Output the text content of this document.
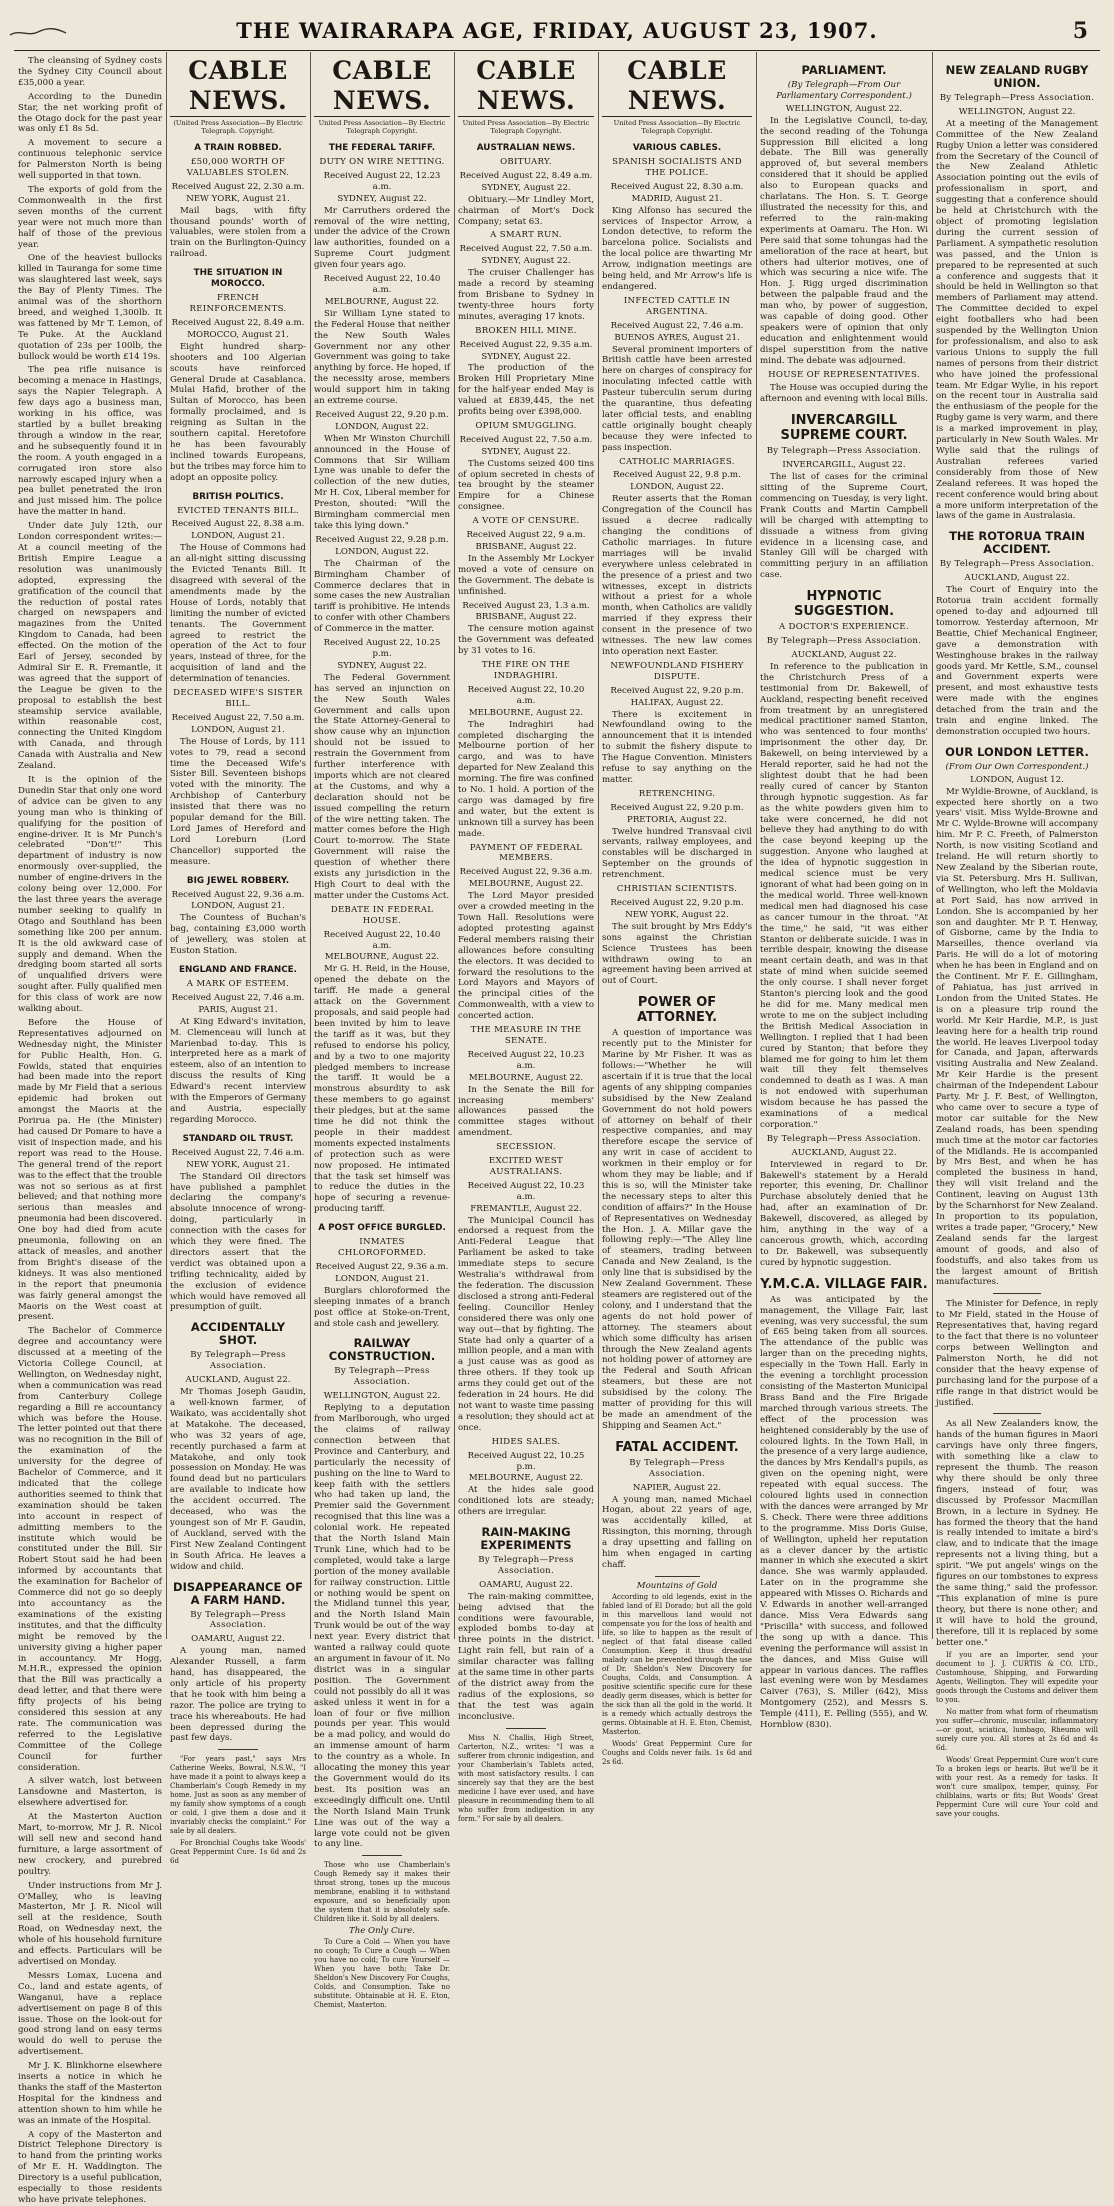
THE WAIRARAPA AGE, FRIDAY, AUGUST 23, 1907.	5

The cleansing of Sydney costs the Sydney City Council about £35,000 a year.

According to the Dunedin Star, the net working profit of the Otago dock for the past year was only £1 8s 5d.

A movement to secure a continuous telephonic service for Palmerston North is being well supported in that town.

The exports of gold from the Commonwealth in the first seven months of the current year were not much more than half of those of the previous year.

One of the heaviest bullocks killed in Tauranga for some time was slaughtered last week, says the Bay of Plenty Times. The animal was of the shorthorn breed, and weighed 1,300lb. It was fattened by Mr T. Lemon, of Te Puke. At the Auckland quotation of 23s per 100lb, the bullock would be worth £14 19s.

The pea rifle nuisance is becoming a menace in Hastings, says the Napier Telegraph. A few days ago a business man, working in his office, was startled by a bullet breaking through a window in the rear, and he subsequently found it in the room. A youth engaged in a corrugated iron store also narrowly escaped injury when a pea bullet penetrated the iron and just missed him. The police have the matter in hand.

Under date July 12th, our London correspondent writes:—At a council meeting of the British Empire League a resolution was unanimously adopted, expressing the gratification of the council that the reduction of postal rates charged on newspapers and magazines from the United Kingdom to Canada, had been effected. On the motion of the Earl of Jersey, seconded by Admiral Sir E. R. Fremantle, it was agreed that the support of the League be given to the proposal to establish the best steamship service available, within reasonable cost, connecting the United Kingdom with Canada, and through Canada with Australia and New Zealand.

It is the opinion of the Dunedin Star that only one word of advice can be given to any young man who is thinking of qualifying for the position of engine-driver. It is Mr Punch's celebrated "Don't!" This department of industry is now enormously over-supplied, the number of engine-drivers in the colony being over 12,000. For the last three years the average number seeking to qualify in Otago and Southland has been something like 200 per annum. It is the old awkward case of supply and demand. When the dredging boom started all sorts of unqualified drivers were sought after. Fully qualified men for this class of work are now walking about.

Before the House of Representatives adjourned on Wednesday night, the Minister for Public Health, Hon. G. Fowlds, stated that enquiries had been made into the report made by Mr Field that a serious epidemic had broken out amongst the Maoris at the Porirua pa. He (the Minister) had caused Dr Pomare to have a visit of inspection made, and his report was read to the House. The general trend of the report was to the effect that the trouble was not so serious as at first believed; and that nothing more serious than measles and pneumonia had been discovered. One boy had died from acute pneumonia, following on an attack of measles, and another from Bright's disease of the kidneys. It was also mentioned in the report that pneumonia was fairly general amongst the Maoris on the West coast at present.

The Bachelor of Commerce degree and accountancy were discussed at a meeting of the Victoria College Council, at Wellington, on Wednesday night, when a communication was read from Canterbury College regarding a Bill re accountancy which was before the House. The letter pointed out that there was no recognition in the Bill of the examination of the university for the degree of Bachelor of Commerce, and it indicated that the college authorities seemed to think that examination should be taken into account in respect of admitting members to the institute which would be constituted under the Bill. Sir Robert Stout said he had been informed by accountants that the examination for Bachelor of Commerce did not go so deeply into accountancy as the examinations of the existing institutes, and that the difficulty might be removed by the university giving a higher paper in accountancy. Mr Hogg, M.H.R., expressed the opinion that the Bill was practically a dead letter, and that there were fifty projects of his being considered this session at any rate. The communication was referred to the Legislative Committee of the College Council for further consideration.

A silver watch, lost between Lansdowne and Masterton, is elsewhere advertised for.

At the Masterton Auction Mart, to-morrow, Mr J. R. Nicol will sell new and second hand furniture, a large assortment of new crockery, and purebred poultry.

Under instructions from Mr J. O'Malley, who is leaving Masterton, Mr J. R. Nicol will sell at the residence, South Road, on Wednesday next, the whole of his household furniture and effects. Particulars will be advertised on Monday.

Messrs Lomax, Lucena and Co., land and estate agents, of Wanganui, have a replace advertisement on page 8 of this issue. Those on the look-out for good strong land on easy terms would do well to peruse the advertisement.

Mr J. K. Blinkhorne elsewhere inserts a notice in which he thanks the staff of the Masterton Hospital for the kindness and attention shown to him while he was an inmate of the Hospital.

A copy of the Masterton and District Telephone Directory is to hand from the printing works of Mr E. H. Waddington. The Directory is a useful publication, especially to those residents who have private telephones.

CABLE NEWS.
(United Press Association—By Electric Telegraph. Copyright.
A TRAIN ROBBED.
£50,000 WORTH OF VALUABLES STOLEN.
Received August 22, 2.30 a.m.
NEW YORK, August 21.

Mail bags, with fifty thousand pounds' worth of valuables, were stolen from a train on the Burlington-Quincy railroad.

THE SITUATION IN MOROCCO.
FRENCH REINFORCEMENTS.
Received August 22, 8.49 a.m.
MOROCCO, August 21.

Eight hundred sharp-shooters and 100 Algerian scouts have reinforced General Drude at Casablanca. Mulai Hafid, brother of the Sultan of Morocco, has been formally proclaimed, and is reigning as Sultan in the southern capital. Heretofore he has been favourably inclined towards Europeans, but the tribes may force him to adopt an opposite policy.

BRITISH POLITICS.
EVICTED TENANTS BILL.
Received August 22, 8.38 a.m.
LONDON, August 21.

The House of Commons had an all-night sitting discussing the Evicted Tenants Bill. It disagreed with several of the amendments made by the House of Lords, notably that limiting the number of evicted tenants. The Government agreed to restrict the operation of the Act to four years, instead of three, for the acquisition of land and the determination of tenancies.

DECEASED WIFE'S SISTER BILL.
Received August 22, 7.50 a.m.
LONDON, August 21.

The House of Lords, by 111 votes to 79, read a second time the Deceased Wife's Sister Bill. Seventeen bishops voted with the minority. The Archbishop of Canterbury insisted that there was no popular demand for the Bill. Lord James of Hereford and Lord Loreburn (Lord Chancellor) supported the measure.

BIG JEWEL ROBBERY.
Received August 22, 9.36 a.m.
LONDON, August 21.

The Countess of Buchan's bag, containing £3,000 worth of jewellery, was stolen at Euston Station.

ENGLAND AND FRANCE.
A MARK OF ESTEEM.
Received August 22, 7.46 a.m.
PARIS, August 21.

At King Edward's invitation, M. Clemenceau will lunch at Marienbad to-day. This is interpreted here as a mark of esteem, also of an intention to discuss the results of King Edward's recent interview with the Emperors of Germany and Austria, especially regarding Morocco.

STANDARD OIL TRUST.
Received August 22, 7.46 a.m.
NEW YORK, August 21.

The Standard Oil directors have published a pamphlet declaring the company's absolute innocence of wrong-doing, particularly in connection with the cases for which they were fined. The directors assert that the verdict was obtained upon a trifling technicality, aided by the exclusion of evidence which would have removed all presumption of guilt.

ACCIDENTALLY SHOT.
By Telegraph—Press Association.
AUCKLAND, August 22.

Mr Thomas Joseph Gaudin, a well-known farmer, of Waikato, was accidentally shot at Matakohe. The deceased, who was 32 years of age, recently purchased a farm at Matakohe, and only took possession on Monday. He was found dead but no particulars are available to indicate how the accident occurred. The deceased, who was the youngest son of Mr F. Gaudin, of Auckland, served with the First New Zealand Contingent in South Africa. He leaves a widow and child.

DISAPPEARANCE OF A FARM HAND.
By Telegraph—Press Association.
OAMARU, August 22.

A young man, named Alexander Russell, a farm hand, has disappeared, the only article of his property that he took with him being a razor. The police are trying to trace his whereabouts. He had been depressed during the past few days.

"For years past," says Mrs Catherine Weeks, Bowral, N.S.W., "I have made it a point to always keep a Chamberlain's Cough Remedy in my home. Just as soon as any member of my family show symptoms of a cough or cold, I give them a dose and it invariably checks the complaint." For sale by all dealers.

For Bronchial Coughs take Woods' Great Peppermint Cure. 1s 6d and 2s 6d

CABLE NEWS.
United Press Association—By Electric Telegraph Copyright.
THE FEDERAL TARIFF.
DUTY ON WIRE NETTING.
Received August 22, 12.23 a.m.
SYDNEY, August 22.

Mr Carruthers ordered the removal of the wire netting, under the advice of the Crown law authorities, founded on a Supreme Court judgment given four years ago.

Received August 22, 10.40 a.m.
MELBOURNE, August 22.

Sir William Lyne stated to the Federal House that neither the New South Wales Government nor any other Government was going to take anything by force. He hoped, if the necessity arose, members would support him in taking an extreme course.

Received August 22, 9.20 p.m.
LONDON, August 22.

When Mr Winston Churchill announced in the House of Commons that Sir William Lyne was unable to defer the collection of the new duties, Mr H. Cox, Liberal member for Preston, shouted: "Will the Birmingham commercial men take this lying down."

Received August 22, 9.28 p.m.
LONDON, August 22.

The Chairman of the Birmingham Chamber of Commerce declares that in some cases the new Australian tariff is prohibitive. He intends to confer with other Chambers of Commerce in the matter.

Received August 22, 10.25 p.m.
SYDNEY, August 22.

The Federal Government has served an injunction on the New South Wales Government and calls upon the State Attorney-General to show cause why an injunction should not be issued to restrain the Government from further interference with imports which are not cleared at the Customs, and why a declaration should not be issued compelling the return of the wire netting taken. The matter comes before the High Court to-morrow. The State Government will raise the question of whether there exists any jurisdiction in the High Court to deal with the matter under the Customs Act.

DEBATE IN FEDERAL HOUSE.
Received August 22, 10.40 a.m.
MELBOURNE, August 22.

Mr G. H. Reid, in the House, opened the debate on the tariff. He made a general attack on the Government proposals, and said people had been invited by him to leave the tariff as it was, but they refused to endorse his policy, and by a two to one majority pledged members to increase the tariff. It would be a monstrous absurdity to ask these members to go against their pledges, but at the same time he did not think the people in their maddest moments expected instalments of protection such as were now proposed. He intimated that the task set himself was to reduce the duties in the hope of securing a revenue-producing tariff.

A POST OFFICE BURGLED.
INMATES CHLOROFORMED.
Received August 22, 9.36 a.m.
LONDON, August 21.

Burglars chloroformed the sleeping inmates of a branch post office at Stoke-on-Trent, and stole cash and jewellery.

RAILWAY CONSTRUCTION.
By Telegraph—Press Association.
WELLINGTON, August 22.

Replying to a deputation from Marlborough, who urged the claims of railway connection between that Province and Canterbury, and particularly the necessity of pushing on the line to Ward to keep faith with the settlers who had taken up land, the Premier said the Government recognised that this line was a colonial work. He repeated that the North Island Main Trunk Line, which had to be completed, would take a large portion of the money available for railway construction. Little or nothing would be spent on the Midland tunnel this year, and the North Island Main Trunk would be out of the way next year. Every district that wanted a railway could quote an argument in favour of it. No district was in a singular position. The Government could not possibly do all it was asked unless it went in for a loan of four or five million pounds per year. This would be a mad policy, and would do an immense amount of harm to the country as a whole. In allocating the money this year the Government would do its best. Its position was an exceedingly difficult one. Until the North Island Main Trunk Line was out of the way a large vote could not be given to any line.

Those who use Chamberlain's Cough Remedy say it makes their throat strong, tones up the mucous membrane, enabling it to withstand exposure, and so beneficially upon the system that it is absolutely safe. Children like it. Sold by all dealers.

The Only Cure.

To Cure a Cold — When you have no cough; To Cure a Cough — When you have no cold; To cure Yourself — When you have both; Take Dr. Sheldon's New Discovery For Coughs, Colds, and Consumption. Take no substitute. Obtainable at H. E. Eton, Chemist, Masterton.

CABLE NEWS.
United Press Association—By Electric Telegraph Copyright.
AUSTRALIAN NEWS.
OBITUARY.
Received August 22, 8.49 a.m.
SYDNEY, August 22.

Obituary.—Mr Lindley Mort, chairman of Mort's Dock Company; setat 63.

A SMART RUN.
Received August 22, 7.50 a.m.
SYDNEY, August 22.

The cruiser Challenger has made a record by steaming from Brisbane to Sydney in twenty-three hours forty minutes, averaging 17 knots.

BROKEN HILL MINE.
Received August 22, 9.35 a.m.
SYDNEY, August 22.

The production of the Broken Hill Proprietary Mine for the half-year ended May is valued at £839,445, the net profits being over £398,000.

OPIUM SMUGGLING.
Received August 22, 7.50 a.m.
SYDNEY, August 22.

The Customs seized 400 tins of opium secreted in chests of tea brought by the steamer Empire for a Chinese consignee.

A VOTE OF CENSURE.
Received August 22, 9 a.m.
BRISBANE, August 22.

In the Assembly Mr Lockyer moved a vote of censure on the Government. The debate is unfinished.

Received August 23, 1.3 a.m.
BRISBANE, August 22.

The censure motion against the Government was defeated by 31 votes to 16.

THE FIRE ON THE INDRAGHIRI.
Received August 22, 10.20 a.m.
MELBOURNE, August 22.

The Indraghiri had completed discharging the Melbourne portion of her cargo, and was to have departed for New Zealand this morning. The fire was confined to No. 1 hold. A portion of the cargo was damaged by fire and water, but the extent is unknown till a survey has been made.

PAYMENT OF FEDERAL MEMBERS.
Received August 22, 9.36 a.m.
MELBOURNE, August 22.

The Lord Mayor presided over a crowded meeting in the Town Hall. Resolutions were adopted protesting against Federal members raising their allowances before consulting the electors. It was decided to forward the resolutions to the Lord Mayors and Mayors of the principal cities of the Commonwealth, with a view to concerted action.

THE MEASURE IN THE SENATE.
Received August 22, 10.23 a.m.
MELBOURNE, August 22.

In the Senate the Bill for increasing members' allowances passed the committee stages without amendment.

SECESSION.
EXCITED WEST AUSTRALIANS.
Received August 22, 10.23 a.m.
FREMANTLE, August 22.

The Municipal Council has endorsed a request from the Anti-Federal League that Parliament be asked to take immediate steps to secure Westralia's withdrawal from the federation. The discussion disclosed a strong anti-Federal feeling. Councillor Henley considered there was only one way out—that by fighting. The State had only a quarter of a million people, and a man with a just cause was as good as three others. If they took up arms they could get out of the federation in 24 hours. He did not want to waste time passing a resolution; they should act at once.

HIDES SALES.
Received August 22, 10.25 p.m.
MELBOURNE, August 22.

At the hides sale good conditioned lots are steady; others are irregular.

RAIN-MAKING EXPERIMENTS
By Telegraph—Press Association.
OAMARU, August 22.

The rain-making committee, being advised that the conditions were favourable, exploded bombs to-day at three points in the district. Light rain fell, but rain of a similar character was falling at the same time in other parts of the district away from the radius of the explosions, so that the test was again inconclusive.

Miss N. Challis, High Street, Carterton, N.Z., writes: "I was a sufferer from chronic indigestion, and your Chamberlain's Tablets acted, with most satisfactory results. I can sincerely say that they are the best medicine I have ever used, and have pleasure in recommending them to all who suffer from indigestion in any form." For sale by all dealers.

CABLE NEWS.
United Press Association—By Electric Telegraph Copyright.
VARIOUS CABLES.
SPANISH SOCIALISTS AND THE POLICE.
Received August 22, 8.30 a.m.
MADRID, August 21.

King Alfonso has secured the services of Inspector Arrow, a London detective, to reform the barcelona police. Socialists and the local police are thwarting Mr Arrow, indignation meetings are being held, and Mr Arrow's life is endangered.

INFECTED CATTLE IN ARGENTINA.
Received August 22, 7.46 a.m.
BUENOS AYRES, August 21.

Several prominent importers of British cattle have been arrested here on charges of conspiracy for inoculating infected cattle with Pasteur tuberculin serum during the quarantine, thus defeating later official tests, and enabling cattle originally bought cheaply because they were infected to pass inspection.

CATHOLIC MARRIAGES.
Received August 22, 9.8 p.m.
LONDON, August 22.

Reuter asserts that the Roman Congregation of the Council has issued a decree radically changing the conditions of Catholic marriages. In future marriages will be invalid everywhere unless celebrated in the presence of a priest and two witnesses, except in districts without a priest for a whole month, when Catholics are validly married if they express their consent in the presence of two witnesses. The new law comes into operation next Easter.

NEWFOUNDLAND FISHERY DISPUTE.
Received August 22, 9.20 p.m.
HALIFAX, August 22.

There is excitement in Newfoundland owing to the announcement that it is intended to submit the fishery dispute to The Hague Convention. Ministers refuse to say anything on the matter.

RETRENCHING.
Received August 22, 9.20 p.m.
PRETORIA, August 22.

Twelve hundred Transvaal civil servants, railway employees, and constables will be discharged in September on the grounds of retrenchment.

CHRISTIAN SCIENTISTS.
Received August 22, 9.20 p.m.
NEW YORK, August 22.

The suit brought by Mrs Eddy's sons against the Christian Science Trustees has been withdrawn owing to an agreement having been arrived at out of Court.

POWER OF ATTORNEY.

A question of importance was recently put to the Minister for Marine by Mr Fisher. It was as follows:—"Whether he will ascertain if it is true that the local agents of any shipping companies subsidised by the New Zealand Government do not hold powers of attorney on behalf of their respective companies, and may therefore escape the service of any writ in case of accident to workmen in their employ or for whom they may be liable; and if this is so, will the Minister take the necessary steps to alter this condition of affairs?" In the House of Representatives on Wednesday the Hon. J. A. Millar gave the following reply:—"The Alley line of steamers, trading between Canada and New Zealand, is the only line that is subsidised by the New Zealand Government. These steamers are registered out of the colony, and I understand that the agents do not hold power of attorney. The steamers about which some difficulty has arisen through the New Zealand agents not holding power of attorney are the Federal and South African steamers, but these are not subsidised by the colony. The matter of providing for this will be made an amendment of the Shipping and Seamen Act."

FATAL ACCIDENT.
By Telegraph—Press Association.
NAPIER, August 22.

A young man, named Michael Hogan, about 22 years of age, was accidentally killed, at Rissington, this morning, through a dray upsetting and falling on him when engaged in carting chaff.

Mountains of Gold

According to old legends, exist in the fabled land of El Dorado; but all the gold in this marvellous land would not compensate you for the loss of health and life, so like to happen as the result of neglect of that fatal disease called Consumption. Keep it thus dreadful malady can be prevented through the use of Dr. Sheldon's New Discovery for Coughs, Colds, and Consumption. A positive scientific specific cure for these deadly germ diseases, which is better for the sick than all the gold in the world. It is a remedy which actually destroys the germs. Obtainable at H. E. Eton, Chemist, Masterton.

Woods' Great Peppermint Cure for Coughs and Colds never fails. 1s 6d and 2s 6d.

PARLIAMENT.
(By Telegraph—From Our Parliamentary Correspondent.)
WELLINGTON, August 22.

In the Legislative Council, to-day, the second reading of the Tohunga Suppression Bill elicited a long debate. The Bill was generally approved of, but several members considered that it should be applied also to European quacks and charlatans. The Hon. S. T. George illustrated the necessity for this, and referred to the rain-making experiments at Oamaru. The Hon. Wi Pere said that some tohungas had the amelioration of the race at heart, but others had ulterior motives, one of which was securing a nice wife. The Hon. J. Rigg urged discrimination between the palpable fraud and the man who, by power of suggestion, was capable of doing good. Other speakers were of opinion that only education and enlightenment would dispel superstition from the native mind. The debate was adjourned.

HOUSE OF REPRESENTATIVES.

The House was occupied during the afternoon and evening with local Bills.

INVERCARGILL SUPREME COURT.
By Telegraph—Press Association.
INVERCARGILL, August 22.

The list of cases for the criminal sitting of the Supreme Court, commencing on Tuesday, is very light. Frank Coutts and Martin Campbell will be charged with attempting to dissuade a witness from giving evidence in a licensing case, and Stanley Gill will be charged with committing perjury in an affiliation case.

HYPNOTIC SUGGESTION.
A DOCTOR'S EXPERIENCE.
By Telegraph—Press Association.
AUCKLAND, August 22.

In reference to the publication in the Christchurch Press of a testimonial from Dr. Bakewell, of Auckland, respecting benefit received from treatment by an unregistered medical practitioner named Stanton, who was sentenced to four months' imprisonment the other day, Dr. Bakewell, on being interviewed by a Herald reporter, said he had not the slightest doubt that he had been really cured of cancer by Stanton through hypnotic suggestion. As far as the white powders given him to take were concerned, he did not believe they had anything to do with the case beyond keeping up the suggestion. Anyone who laughed at the idea of hypnotic suggestion in medical science must be very ignorant of what had been going on in the medical world. Three well-known medical men had diagnosed his case as cancer tumour in the throat. "At the time," he said, "it was either Stanton or deliberate suicide. I was in terrible despair, knowing the disease meant certain death, and was in that state of mind when suicide seemed the only course. I shall never forget Stanton's piercing look and the good he did for me. Many medical men wrote to me on the subject including the British Medical Association in Wellington. I replied that I had been cured by Stanton; that before they blamed me for going to him let them wait till they felt themselves condemned to death as I was. A man is not endowed with superhuman wisdom because he has passed the examinations of a medical corporation."

By Telegraph—Press Association.
AUCKLAND, August 22.

Interviewed in regard to Dr. Bakewell's statement by a Herald reporter, this evening, Dr. Challinor Purchase absolutely denied that he had, after an examination of Dr. Bakewell, discovered, as alleged by him, anything in the way of a cancerous growth, which, according to Dr. Bakewell, was subsequently cured by hypnotic suggestion.

Y.M.C.A. VILLAGE FAIR.

As was anticipated by the management, the Village Fair, last evening, was very successful, the sum of £65 being taken from all sources. The attendance of the public was larger than on the preceding nights, especially in the Town Hall. Early in the evening a torchlight procession consisting of the Masterton Municipal Brass Band and the Fire Brigade marched through various streets. The effect of the procession was heightened considerably by the use of coloured lights. In the Town Hall, in the presence of a very large audience, the dances by Mrs Kendall's pupils, as given on the opening night, were repeated with equal success. The coloured lights used in connection with the dances were arranged by Mr S. Check. There were three additions to the programme. Miss Doris Guise, of Wellington, upheld her reputation as a clever dancer by the artistic manner in which she executed a skirt dance. She was warmly applauded. Later on in the programme she appeared with Misses O. Richards and V. Edwards in another well-arranged dance. Miss Vera Edwards sang "Priscilla" with success, and followed the song up with a dance. This evening the performance will assist in the dances, and Miss Guise will appear in various dances. The raffles last evening were won by Mesdames Caiver (763), S. Miller (642), Miss Montgomery (252), and Messrs S. Temple (411), E. Pelling (555), and W. Hornblow (830).

NEW ZEALAND RUGBY UNION.
By Telegraph—Press Association.
WELLINGTON, August 22.

At a meeting of the Management Committee of the New Zealand Rugby Union a letter was considered from the Secretary of the Council of the New Zealand Athletic Association pointing out the evils of professionalism in sport, and suggesting that a conference should be held at Christchurch with the object of promoting legislation during the current session of Parliament. A sympathetic resolution was passed, and the Union is prepared to be represented at such a conference and suggests that it should be held in Wellington so that members of Parliament may attend. The Committee decided to expel eight footballers who had been suspended by the Wellington Union for professionalism, and also to ask various Unions to supply the full names of persons from their district who have joined the professional team. Mr Edgar Wylie, in his report on the recent tour in Australia said the enthusiasm of the people for the Rugby game is very warm, and there is a marked improvement in play, particularly in New South Wales. Mr Wylie said that the rulings of Australian referees varied considerably from those of New Zealand referees. It was hoped the recent conference would bring about a more uniform interpretation of the laws of the game in Australasia.

THE ROTORUA TRAIN ACCIDENT.
By Telegraph—Press Association.
AUCKLAND, August 22.

The Court of Enquiry into the Rotorua train accident formally opened to-day and adjourned till tomorrow. Yesterday afternoon, Mr Beattie, Chief Mechanical Engineer, gave a demonstration with Westinghouse brakes in the railway goods yard. Mr Kettle, S.M., counsel and Government experts were present, and most exhaustive tests were made with the engines detached from the train and the train and engine linked. The demonstration occupied two hours.

OUR LONDON LETTER.
(From Our Own Correspondent.)
LONDON, August 12.

Mr Wyldie-Browne, of Auckland, is expected here shortly on a two years' visit. Miss Wylde-Browne and Mr C. Wylde-Browne will accompany him. Mr P. C. Freeth, of Palmerston North, is now visiting Scotland and Ireland. He will return shortly to New Zealand by the Siberian route, via St. Petersburg. Mrs H. Sullivan, of Wellington, who left the Moldavia at Port Said, has now arrived in London. She is accompanied by her son and daughter. Mr P. T. Henway, of Gisborne, came by the India to Marseilles, thence overland via Paris. He will do a lot of motoring when he has been in England and on the Continent. Mr F. E. Gillingham, of Pahiatua, has just arrived in London from the United States. He is on a pleasure trip round the world. Mr Keir Hardie, M.P., is just leaving here for a health trip round the world. He leaves Liverpool today for Canada, and Japan, afterwards visiting Australia and New Zealand. Mr Keir Hardie is the present chairman of the Independent Labour Party. Mr J. F. Best, of Wellington, who came over to secure a type of motor car suitable for the New Zealand roads, has been spending much time at the motor car factories of the Midlands. He is accompanied by Mrs Best, and when he has completed the business in hand, they will visit Ireland and the Continent, leaving on August 13th by the Scharnhorst for New Zealand. In proportion to its population, writes a trade paper, "Grocery," New Zealand sends far the largest amount of goods, and also of foodstuffs, and also takes from us the largest amount of British manufactures.

The Minister for Defence, in reply to Mr Field, stated in the House of Representatives that, having regard to the fact that there is no volunteer corps between Wellington and Palmerston North, he did not consider that the heavy expense of purchasing land for the purpose of a rifle range in that district would be justified.

As all New Zealanders know, the hands of the human figures in Maori carvings have only three fingers, with something like a claw to represent the thumb. The reason why there should be only three fingers, instead of four, was discussed by Professor Macmillan Brown, in a lecture in Sydney. He has formed the theory that the hand is really intended to imitate a bird's claw, and to indicate that the image represents not a living thing, but a spirit. "We put angels' wings on the figures on our tombstones to express the same thing," said the professor. "This explanation of mine is pure theory, but there is none other; and it will have to hold the ground, therefore, till it is replaced by some better one."

If you are an Importer, send your document to J. J. CURTIS & CO. LTD., Customhouse, Shipping, and Forwarding Agents, Wellington. They will expedite your goods through the Customs and deliver them to you.

No matter from what form of rheumatism you suffer—chronic, muscular, inflammatory—or gout, sciatica, lumbago, Rheumo will surely cure you. All stores at 2s 6d and 4s 6d.

Woods' Great Peppermint Cure won't cure To a broken legs or hearts. But we'll be it with your rest. As a remedy for tasks. It won't cure smallpox, temper, quinsy, For chilblains, warts or fits; But Woods' Great Peppermint Cure will cure Your cold and save your coughs.
